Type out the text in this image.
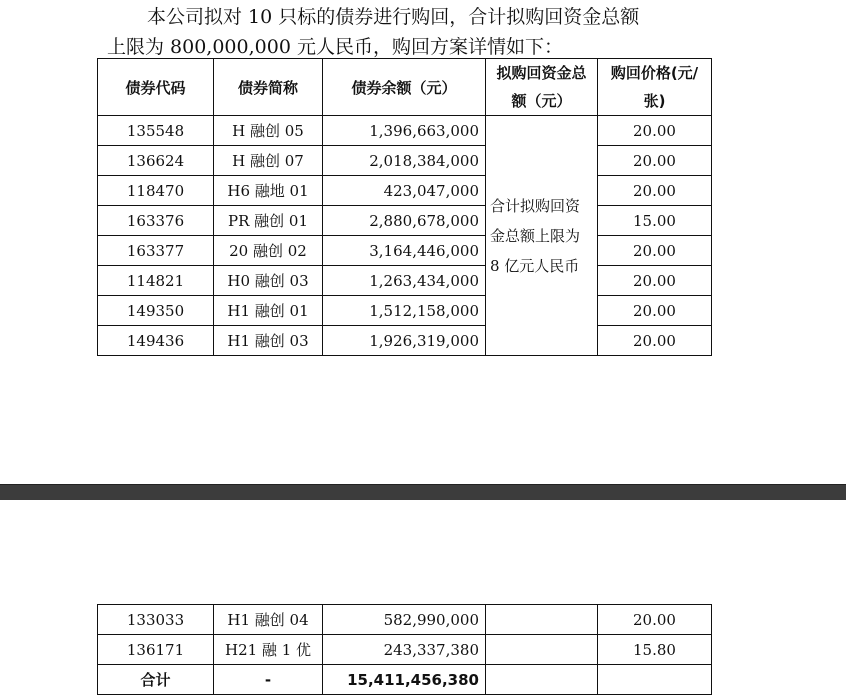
本公司拟对 10 只标的债券进行购回，合计拟购回资金总额
上限为 800,000,000 元人民币，购回方案详情如下：
债券代码	债券简称	债券余额（元）	拟购回资金总额（元）	购回价格(元/张)
135548	H 融创 05	1,396,663,000	合计拟购回资金总额上限为 8 亿元人民币	20.00
136624	H 融创 07	2,018,384,000		20.00
118470	H6 融地 01	423,047,000		20.00
163376	PR 融创 01	2,880,678,000		15.00
163377	20 融创 02	3,164,446,000		20.00
114821	H0 融创 03	1,263,434,000		20.00
149350	H1 融创 01	1,512,158,000		20.00
149436	H1 融创 03	1,926,319,000		20.00
133033	H1 融创 04	582,990,000		20.00
136171	H21 融 1 优	243,337,380		15.80
合计	-	15,411,456,380		
